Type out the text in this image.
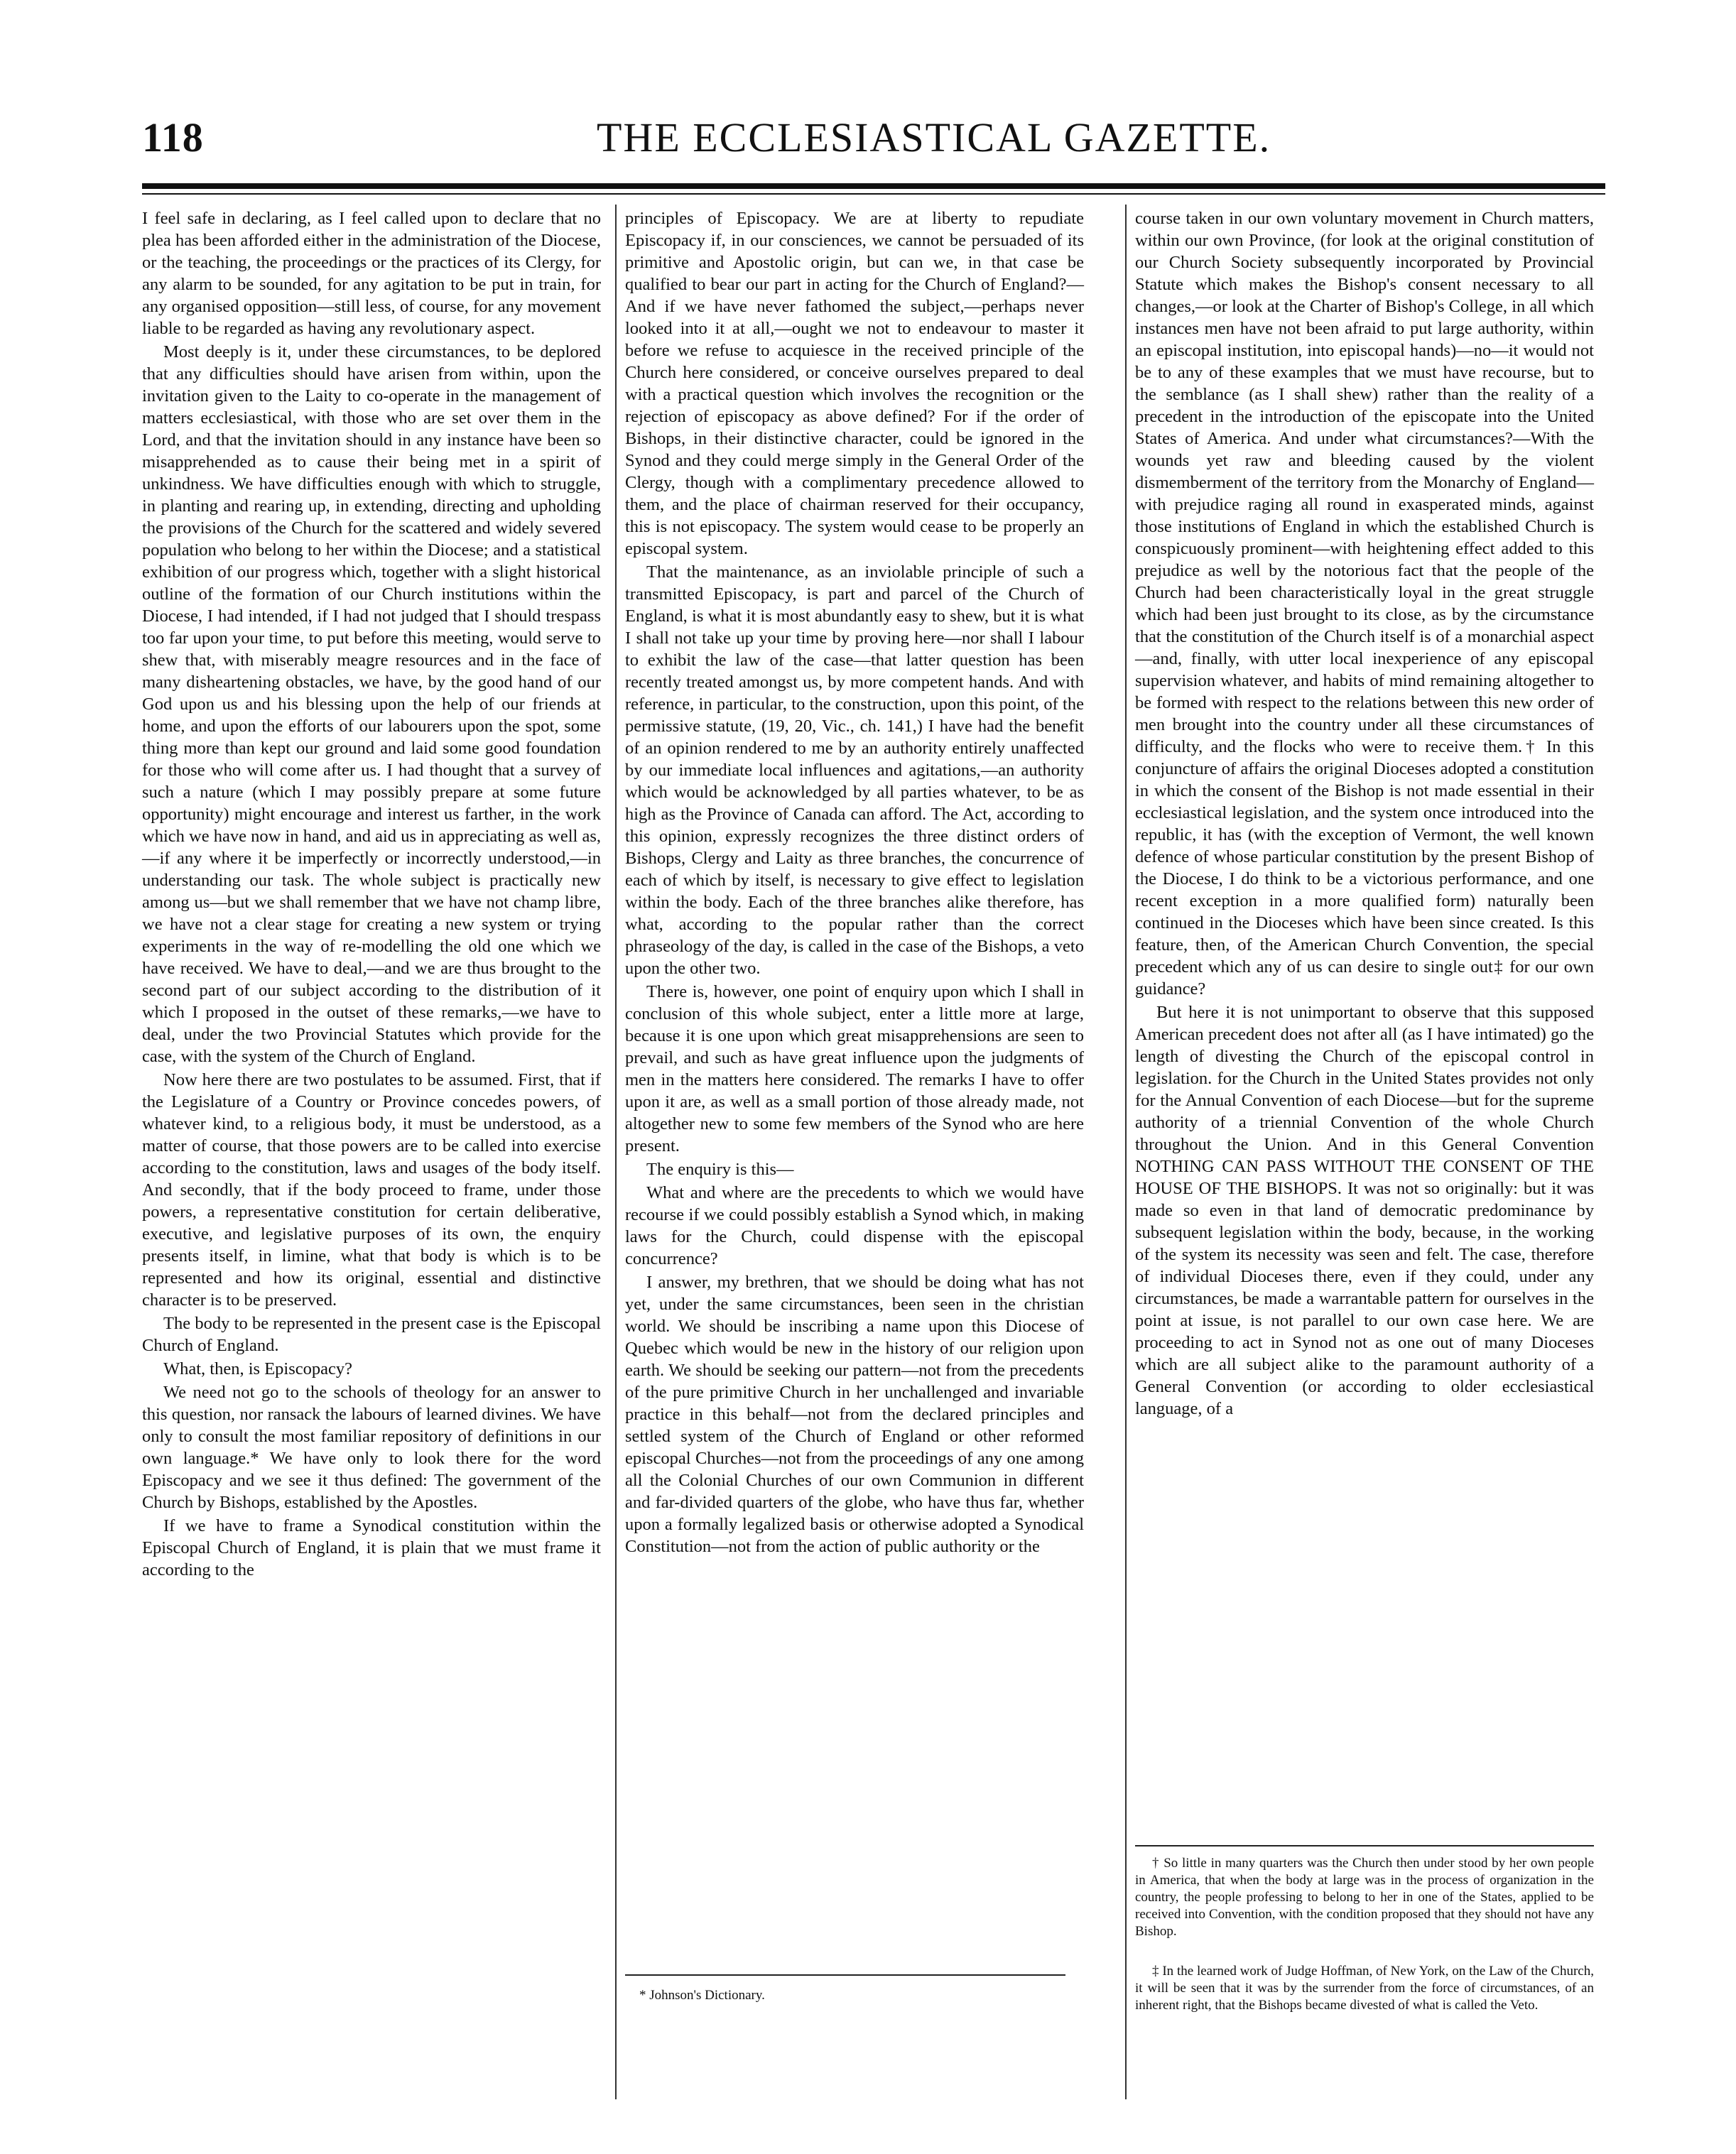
118	THE ECCLESIASTICAL GAZETTE.

I feel safe in declaring, as I feel called upon to declare that no plea has been afforded either in the administration of the Diocese, or the teaching, the proceedings or the practices of its Clergy, for any alarm to be sounded, for any agitation to be put in train, for any organised opposition—still less, of course, for any movement liable to be regarded as having any revolutionary aspect.

Most deeply is it, under these circumstances, to be deplored that any difficulties should have arisen from within, upon the invitation given to the Laity to co-operate in the management of matters ecclesiastical, with those who are set over them in the Lord, and that the invitation should in any instance have been so misapprehended as to cause their being met in a spirit of unkindness. We have difficulties enough with which to struggle, in planting and rearing up, in extending, directing and upholding the provisions of the Church for the scattered and widely severed population who belong to her within the Diocese; and a statistical exhibition of our progress which, together with a slight historical outline of the formation of our Church institutions within the Diocese, I had intended, if I had not judged that I should trespass too far upon your time, to put before this meeting, would serve to shew that, with miserably meagre resources and in the face of many disheartening obstacles, we have, by the good hand of our God upon us and his blessing upon the help of our friends at home, and upon the efforts of our labourers upon the spot, some thing more than kept our ground and laid some good foundation for those who will come after us. I had thought that a survey of such a nature (which I may possibly prepare at some future opportunity) might encourage and interest us farther, in the work which we have now in hand, and aid us in appreciating as well as,—if any where it be imperfectly or incorrectly understood,—in understanding our task. The whole subject is practically new among us—but we shall remember that we have not champ libre, we have not a clear stage for creating a new system or trying experiments in the way of re-modelling the old one which we have received. We have to deal,—and we are thus brought to the second part of our subject according to the distribution of it which I proposed in the outset of these remarks,—we have to deal, under the two Provincial Statutes which provide for the case, with the system of the Church of England.

Now here there are two postulates to be assumed. First, that if the Legislature of a Country or Province concedes powers, of whatever kind, to a religious body, it must be understood, as a matter of course, that those powers are to be called into exercise according to the constitution, laws and usages of the body itself. And secondly, that if the body proceed to frame, under those powers, a representative constitution for certain deliberative, executive, and legislative purposes of its own, the enquiry presents itself, in limine, what that body is which is to be represented and how its original, essential and distinctive character is to be preserved.

The body to be represented in the present case is the Episcopal Church of England.

What, then, is Episcopacy?

We need not go to the schools of theology for an answer to this question, nor ransack the labours of learned divines. We have only to consult the most familiar repository of definitions in our own language.* We have only to look there for the word Episcopacy and we see it thus defined: The government of the Church by Bishops, established by the Apostles.

If we have to frame a Synodical constitution within the Episcopal Church of England, it is plain that we must frame it according to the

principles of Episcopacy. We are at liberty to repudiate Episcopacy if, in our consciences, we cannot be persuaded of its primitive and Apostolic origin, but can we, in that case be qualified to bear our part in acting for the Church of England?—And if we have never fathomed the subject,—perhaps never looked into it at all,—ought we not to endeavour to master it before we refuse to acquiesce in the received principle of the Church here considered, or conceive ourselves prepared to deal with a practical question which involves the recognition or the rejection of episcopacy as above defined? For if the order of Bishops, in their distinctive character, could be ignored in the Synod and they could merge simply in the General Order of the Clergy, though with a complimentary precedence allowed to them, and the place of chairman reserved for their occupancy, this is not episcopacy. The system would cease to be properly an episcopal system.

That the maintenance, as an inviolable principle of such a transmitted Episcopacy, is part and parcel of the Church of England, is what it is most abundantly easy to shew, but it is what I shall not take up your time by proving here—nor shall I labour to exhibit the law of the case—that latter question has been recently treated amongst us, by more competent hands. And with reference, in particular, to the construction, upon this point, of the permissive statute, (19, 20, Vic., ch. 141,) I have had the benefit of an opinion rendered to me by an authority entirely unaffected by our immediate local influences and agitations,—an authority which would be acknowledged by all parties whatever, to be as high as the Province of Canada can afford. The Act, according to this opinion, expressly recognizes the three distinct orders of Bishops, Clergy and Laity as three branches, the concurrence of each of which by itself, is necessary to give effect to legislation within the body. Each of the three branches alike therefore, has what, according to the popular rather than the correct phraseology of the day, is called in the case of the Bishops, a veto upon the other two.

There is, however, one point of enquiry upon which I shall in conclusion of this whole subject, enter a little more at large, because it is one upon which great misapprehensions are seen to prevail, and such as have great influence upon the judgments of men in the matters here considered. The remarks I have to offer upon it are, as well as a small portion of those already made, not altogether new to some few members of the Synod who are here present.

The enquiry is this—

What and where are the precedents to which we would have recourse if we could possibly establish a Synod which, in making laws for the Church, could dispense with the episcopal concurrence?

I answer, my brethren, that we should be doing what has not yet, under the same circumstances, been seen in the christian world. We should be inscribing a name upon this Diocese of Quebec which would be new in the history of our religion upon earth. We should be seeking our pattern—not from the precedents of the pure primitive Church in her unchallenged and invariable practice in this behalf—not from the declared principles and settled system of the Church of England or other reformed episcopal Churches—not from the proceedings of any one among all the Colonial Churches of our own Communion in different and far-divided quarters of the globe, who have thus far, whether upon a formally legalized basis or otherwise adopted a Synodical Constitution—not from the action of public authority or the

course taken in our own voluntary movement in Church matters, within our own Province, (for look at the original constitution of our Church Society subsequently incorporated by Provincial Statute which makes the Bishop's consent necessary to all changes,—or look at the Charter of Bishop's College, in all which instances men have not been afraid to put large authority, within an episcopal institution, into episcopal hands)—no—it would not be to any of these examples that we must have recourse, but to the semblance (as I shall shew) rather than the reality of a precedent in the introduction of the episcopate into the United States of America. And under what circumstances?—With the wounds yet raw and bleeding caused by the violent dismemberment of the territory from the Monarchy of England—with prejudice raging all round in exasperated minds, against those institutions of England in which the established Church is conspicuously prominent—with heightening effect added to this prejudice as well by the notorious fact that the people of the Church had been characteristically loyal in the great struggle which had been just brought to its close, as by the circumstance that the constitution of the Church itself is of a monarchial aspect—and, finally, with utter local inexperience of any episcopal supervision whatever, and habits of mind remaining altogether to be formed with respect to the relations between this new order of men brought into the country under all these circumstances of difficulty, and the flocks who were to receive them.† In this conjuncture of affairs the original Dioceses adopted a constitution in which the consent of the Bishop is not made essential in their ecclesiastical legislation, and the system once introduced into the republic, it has (with the exception of Vermont, the well known defence of whose particular constitution by the present Bishop of the Diocese, I do think to be a victorious performance, and one recent exception in a more qualified form) naturally been continued in the Dioceses which have been since created. Is this feature, then, of the American Church Convention, the special precedent which any of us can desire to single out‡ for our own guidance?

But here it is not unimportant to observe that this supposed American precedent does not after all (as I have intimated) go the length of divesting the Church of the episcopal control in legislation. for the Church in the United States provides not only for the Annual Convention of each Diocese—but for the supreme authority of a triennial Convention of the whole Church throughout the Union. And in this General Convention NOTHING CAN PASS WITHOUT THE CONSENT OF THE HOUSE OF THE BISHOPS. It was not so originally: but it was made so even in that land of democratic predominance by subsequent legislation within the body, because, in the working of the system its necessity was seen and felt. The case, therefore of individual Dioceses there, even if they could, under any circumstances, be made a warrantable pattern for ourselves in the point at issue, is not parallel to our own case here. We are proceeding to act in Synod not as one out of many Dioceses which are all subject alike to the paramount authority of a General Convention (or according to older ecclesiastical language, of a

* Johnson's Dictionary.

† So little in many quarters was the Church then under stood by her own people in America, that when the body at large was in the process of organization in the country, the people professing to belong to her in one of the States, applied to be received into Convention, with the condition proposed that they should not have any Bishop.

‡ In the learned work of Judge Hoffman, of New York, on the Law of the Church, it will be seen that it was by the surrender from the force of circumstances, of an inherent right, that the Bishops became divested of what is called the Veto.
